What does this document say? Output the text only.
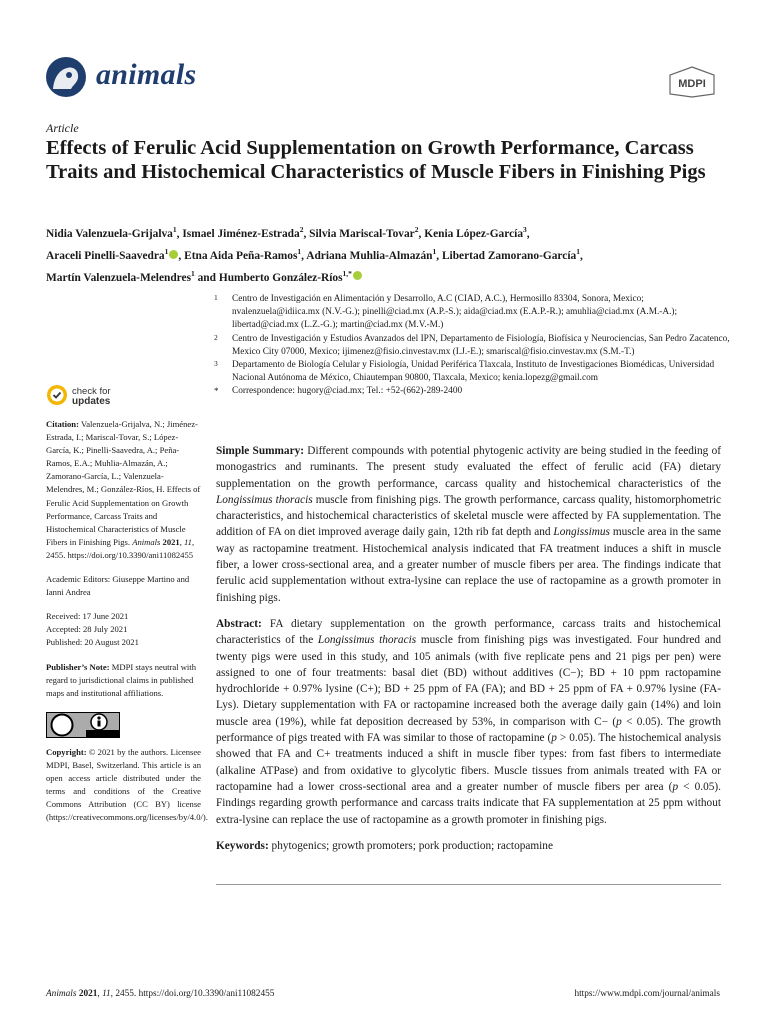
animals	MDPI
Article
Effects of Ferulic Acid Supplementation on Growth Performance, Carcass Traits and Histochemical Characteristics of Muscle Fibers in Finishing Pigs
Nidia Valenzuela-Grijalva$^1$, Ismael Jiménez-Estrada$^2$, Silvia Mariscal-Tovar$^2$, Kenia López-García$^3$,
Araceli Pinelli-Saavedra$^1$ , Etna Aida Peña-Ramos$^1$, Adriana Muhlia-Almazán$^1$, Libertad Zamorano-García$^1$,
Martín Valenzuela-Melendres$^1$ and Humberto González-Ríos$^{1,*}$
1 Centro de Investigación en Alimentación y Desarrollo, A.C (CIAD, A.C.), Hermosillo 83304, Sonora, Mexico; nvalenzuela@idiica.mx (N.V.-G.); pinelli@ciad.mx (A.P.-S.); aida@ciad.mx (E.A.P.-R.); amuhlia@ciad.mx (A.M.-A.); libertad@ciad.mx (L.Z.-G.); martin@ciad.mx (M.V.-M.)
2 Centro de Investigación y Estudios Avanzados del IPN, Departamento de Fisiología, Biofísica y Neurociencias, San Pedro Zacatenco, Mexico City 07000, Mexico; ijimenez@fisio.cinvestav.mx (I.J.-E.); smariscal@fisio.cinvestav.mx (S.M.-T.)
3 Departamento de Biología Celular y Fisiología, Unidad Periférica Tlaxcala, Instituto de Investigaciones Biomédicas, Universidad Nacional Autónoma de México, Chiautempan 90800, Tlaxcala, Mexico; kenia.lopezg@gmail.com
* Correspondence: hugory@ciad.mx; Tel.: +52-(662)-289-2400
check for
updates

Citation: Valenzuela-Grijalva, N.; Jiménez-Estrada, I.; Mariscal-Tovar, S.; López-García, K.; Pinelli-Saavedra, A.; Peña-Ramos, E.A.; Muhlia-Almazán, A.; Zamorano-García, L.; Valenzuela-Melendres, M.; González-Ríos, H. Effects of Ferulic Acid Supplementation on Growth Performance, Carcass Traits and Histochemical Characteristics of Muscle Fibers in Finishing Pigs. Animals 2021, 11, 2455. https://doi.org/10.3390/ani11082455

Academic Editors: Giuseppe Martino and Ianni Andrea

Received: 17 June 2021
Accepted: 28 July 2021
Published: 20 August 2021

Publisher’s Note: MDPI stays neutral with regard to jurisdictional claims in published maps and institutional affiliations.

Copyright: © 2021 by the authors. Licensee MDPI, Basel, Switzerland. This article is an open access article distributed under the terms and conditions of the Creative Commons Attribution (CC BY) license (https://creativecommons.org/licenses/by/4.0/).

Simple Summary: Different compounds with potential phytogenic activity are being studied in the feeding of monogastrics and ruminants. The present study evaluated the effect of ferulic acid (FA) dietary supplementation on the growth performance, carcass quality and histochemical characteristics of the Longissimus thoracis muscle from finishing pigs. The growth performance, carcass quality, histomorphometric characteristics, and histochemical characteristics of skeletal muscle were affected by FA supplementation. The addition of FA on diet improved average daily gain, 12th rib fat depth and Longissimus muscle area in the same way as ractopamine treatment. Histochemical analysis indicated that FA treatment induces a shift in muscle fiber, a lower cross-sectional area, and a greater number of muscle fibers per area. The findings indicate that ferulic acid supplementation without extra-lysine can replace the use of ractopamine as a growth promoter in finishing pigs.

Abstract: FA dietary supplementation on the growth performance, carcass traits and histochemical characteristics of the Longissimus thoracis muscle from finishing pigs was investigated. Four hundred and twenty pigs were used in this study, and 105 animals (with five replicate pens and 21 pigs per pen) were assigned to one of four treatments: basal diet (BD) without additives (C−); BD + 10 ppm ractopamine hydrochloride + 0.97% lysine (C+); BD + 25 ppm of FA (FA); and BD + 25 ppm of FA + 0.97% lysine (FA-Lys). Dietary supplementation with FA or ractopamine increased both the average daily gain (14%) and loin muscle area (19%), while fat deposition decreased by 53%, in comparison with C− (p < 0.05). The growth performance of pigs treated with FA was similar to those of ractopamine (p > 0.05). The histochemical analysis showed that FA and C+ treatments induced a shift in muscle fiber types: from fast fibers to intermediate (alkaline ATPase) and from oxidative to glycolytic fibers. Muscle tissues from animals treated with FA or ractopamine had a lower cross-sectional area and a greater number of muscle fibers per area (p < 0.05). Findings regarding growth performance and carcass traits indicate that FA supplementation at 25 ppm without extra-lysine can replace the use of ractopamine as a growth promoter in finishing pigs.

Keywords: phytogenics; growth promoters; pork production; ractopamine

Animals 2021, 11, 2455. https://doi.org/10.3390/ani11082455	https://www.mdpi.com/journal/animals
